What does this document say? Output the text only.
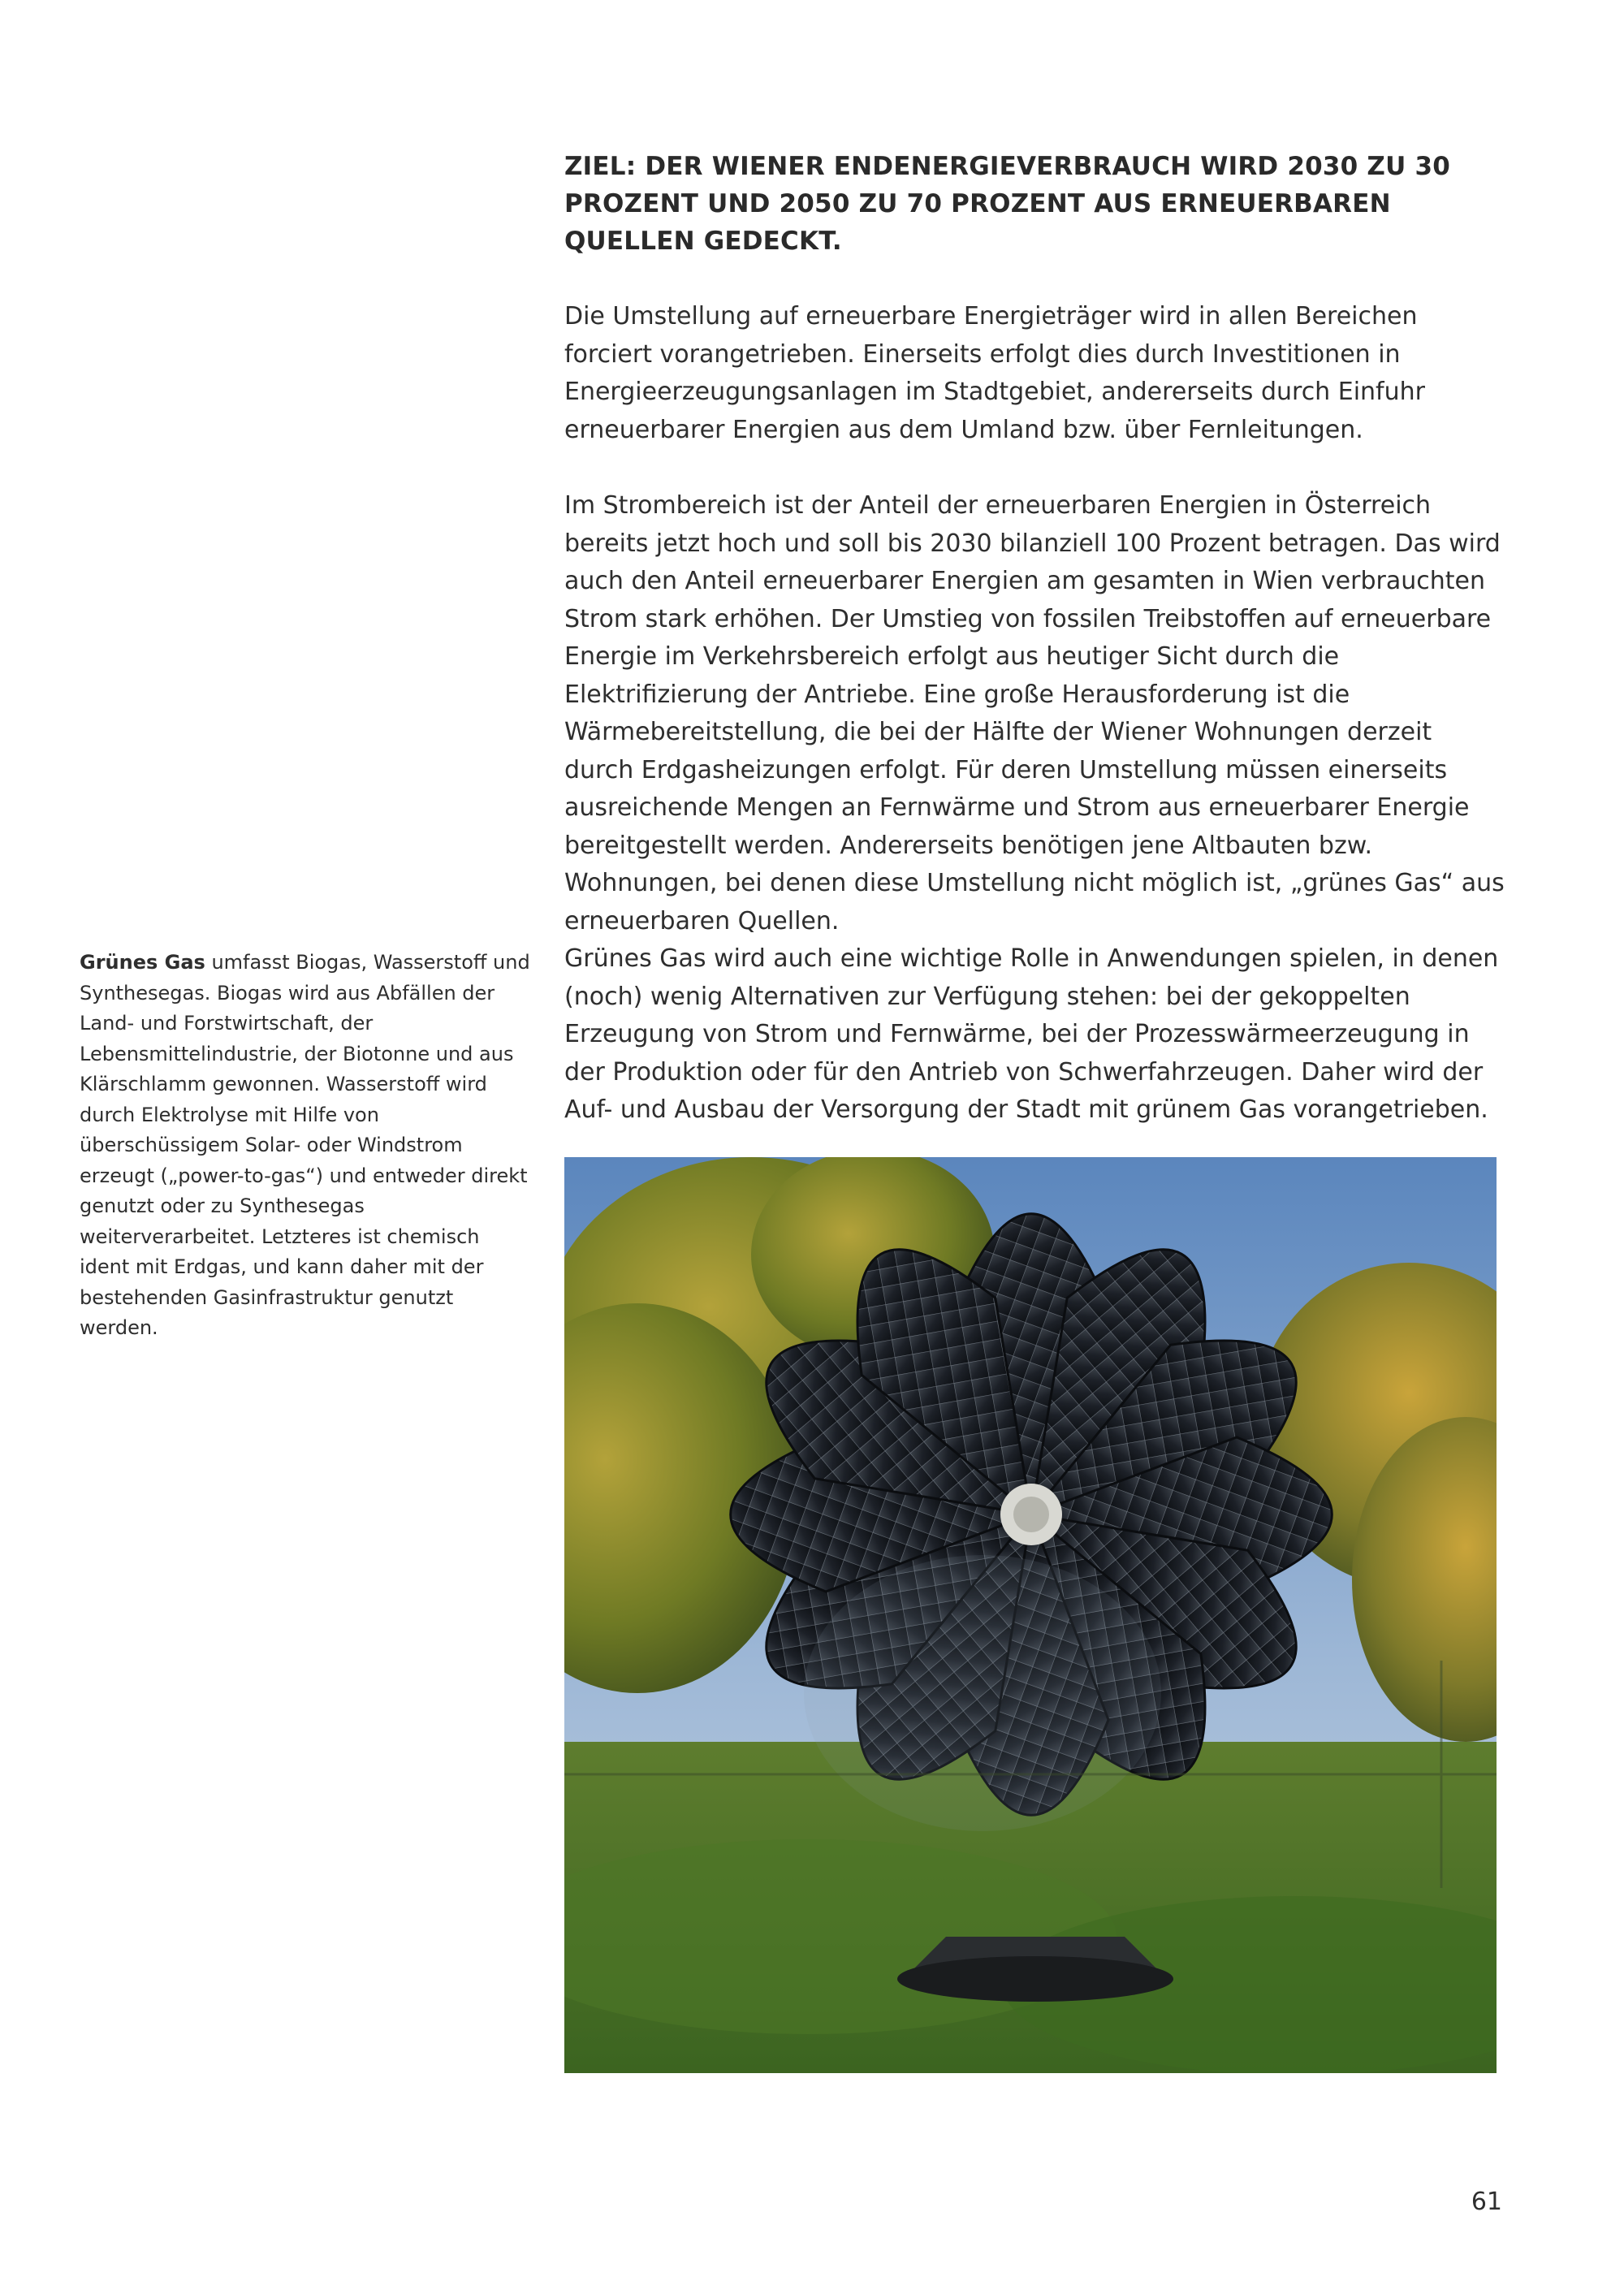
ZIEL: DER WIENER ENDENERGIEVERBRAUCH WIRD 2030 ZU 30 PROZENT UND 2050 ZU 70 PROZENT AUS ERNEUERBAREN QUELLEN GEDECKT.

Die Umstellung auf erneuerbare Energieträger wird in allen Bereichen forciert vorangetrieben. Einerseits erfolgt dies durch Investitionen in Energieerzeugungsanlagen im Stadtgebiet, andererseits durch Einfuhr erneuerbarer Energien aus dem Umland bzw. über Fernleitungen.

Im Strombereich ist der Anteil der erneuerbaren Energien in Österreich bereits jetzt hoch und soll bis 2030 bilanziell 100 Prozent betragen. Das wird auch den Anteil erneuerbarer Energien am gesamten in Wien verbrauchten Strom stark erhöhen. Der Umstieg von fossilen Treibstoffen auf erneuerbare Energie im Verkehrsbereich erfolgt aus heutiger Sicht durch die Elektrifizierung der Antriebe. Eine große Herausforderung ist die Wärmebereitstellung, die bei der Hälfte der Wiener Wohnungen derzeit durch Erdgasheizungen erfolgt. Für deren Umstellung müssen einerseits ausreichende Mengen an Fernwärme und Strom aus erneuerbarer Energie bereitgestellt werden. Andererseits benötigen jene Altbauten bzw. Wohnungen, bei denen diese Umstellung nicht möglich ist, „grünes Gas“ aus erneuerbaren Quellen.

Grünes Gas umfasst Biogas, Wasserstoff und Synthesegas. Biogas wird aus Abfällen der Land- und Forstwirtschaft, der Lebensmittelindustrie, der Biotonne und aus Klärschlamm gewonnen. Wasserstoff wird durch Elektrolyse mit Hilfe von überschüssigem Solar- oder Windstrom erzeugt („power-to-gas“) und entweder direkt genutzt oder zu Synthesegas weiterverarbeitet. Letzteres ist chemisch ident mit Erdgas, und kann daher mit der bestehenden Gasinfrastruktur genutzt werden.

Grünes Gas wird auch eine wichtige Rolle in Anwendungen spielen, in denen (noch) wenig Alternativen zur Verfügung stehen: bei der gekoppelten Erzeugung von Strom und Fernwärme, bei der Prozesswärmeerzeugung in der Produktion oder für den Antrieb von Schwerfahrzeugen. Daher wird der Auf- und Ausbau der Versorgung der Stadt mit grünem Gas vorangetrieben.

61
